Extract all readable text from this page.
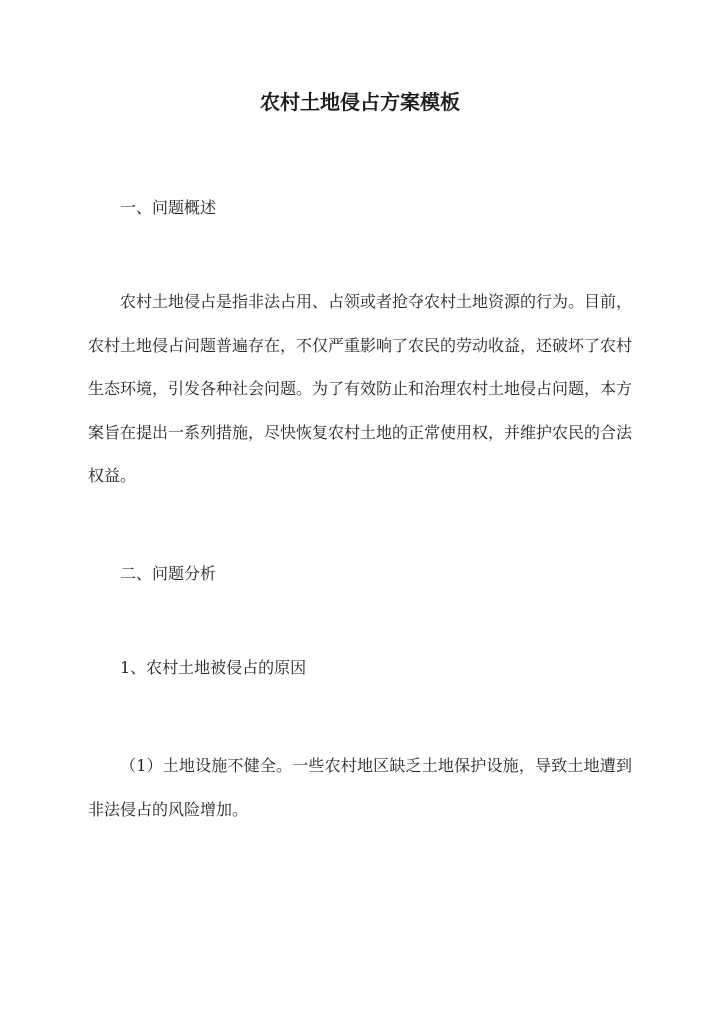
农村土地侵占方案模板

一、问题概述

农村土地侵占是指非法占用、占领或者抢夺农村土地资源的行为。目前，农村土地侵占问题普遍存在，不仅严重影响了农民的劳动收益，还破坏了农村生态环境，引发各种社会问题。为了有效防止和治理农村土地侵占问题，本方案旨在提出一系列措施，尽快恢复农村土地的正常使用权，并维护农民的合法权益。

二、问题分析

1、农村土地被侵占的原因

（1）土地设施不健全。一些农村地区缺乏土地保护设施，导致土地遭到非法侵占的风险增加。
